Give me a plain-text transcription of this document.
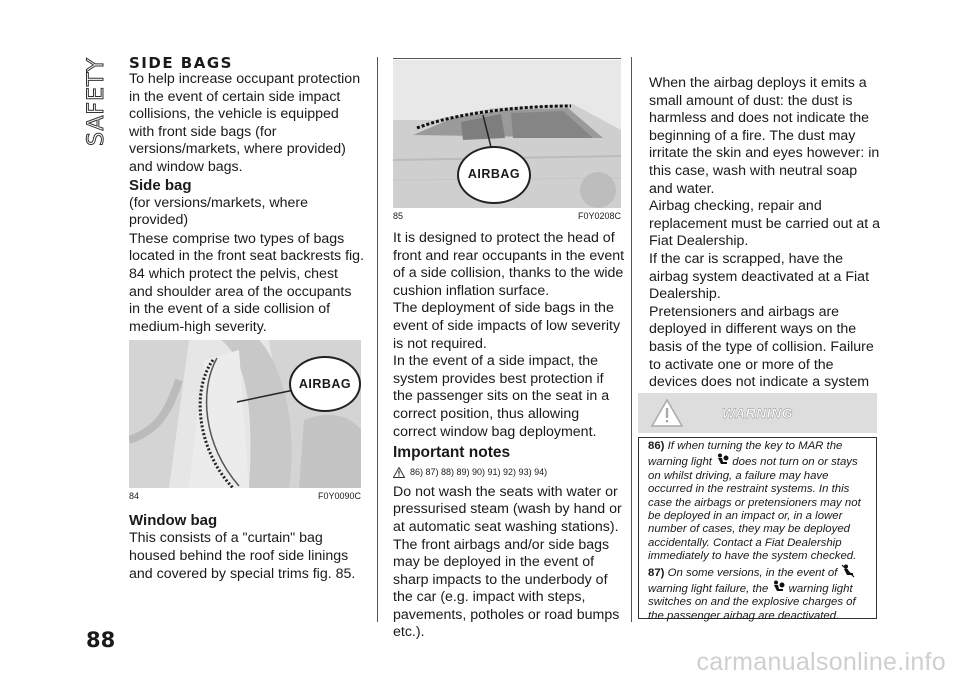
SAFETY SIDE BAGS

To help increase occupant protection in the event of certain side impact collisions, the vehicle is equipped with front side bags (for versions/markets, where provided) and window bags.

Side bag

(for versions/markets, where provided)

These comprise two types of bags located in the front seat backrests fig. 84 which protect the pelvis, chest and shoulder area of the occupants in the event of a side collision of medium-high severity.

AIRBAG
84	F0Y0090C

Window bag

This consists of a "curtain" bag housed behind the roof side linings and covered by special trims fig. 85.

AIRBAG
85	F0Y0208C

It is designed to protect the head of front and rear occupants in the event of a side collision, thanks to the wide cushion inflation surface.

The deployment of side bags in the event of side impacts of low severity is not required.

In the event of a side impact, the system provides best protection if the passenger sits on the seat in a correct position, thus allowing correct window bag deployment.

Important notes

86) 87) 88) 89) 90) 91) 92) 93) 94)

Do not wash the seats with water or pressurised steam (wash by hand or at automatic seat washing stations).

The front airbags and/or side bags may be deployed in the event of sharp impacts to the underbody of the car (e.g. impact with steps, pavements, potholes or road bumps etc.).

When the airbag deploys it emits a small amount of dust: the dust is harmless and does not indicate the beginning of a fire. The dust may irritate the skin and eyes however: in this case, wash with neutral soap and water.

Airbag checking, repair and replacement must be carried out at a Fiat Dealership.

If the car is scrapped, have the airbag system deactivated at a Fiat Dealership.

Pretensioners and airbags are deployed in different ways on the basis of the type of collision. Failure to activate one or more of the devices does not indicate a system

WARNING

86) If when turning the key to MAR the warning light does not turn on or stays on whilst driving, a failure may have occurred in the restraint systems. In this case the airbags or pretensioners may not be deployed in an impact or, in a lower number of cases, they may be deployed accidentally. Contact a Fiat Dealership immediately to have the system checked.

87) On some versions, in the event of  warning light failure, the warning light switches on and the explosive charges of the passenger airbag are deactivated.

88
carmanualsonline.info
